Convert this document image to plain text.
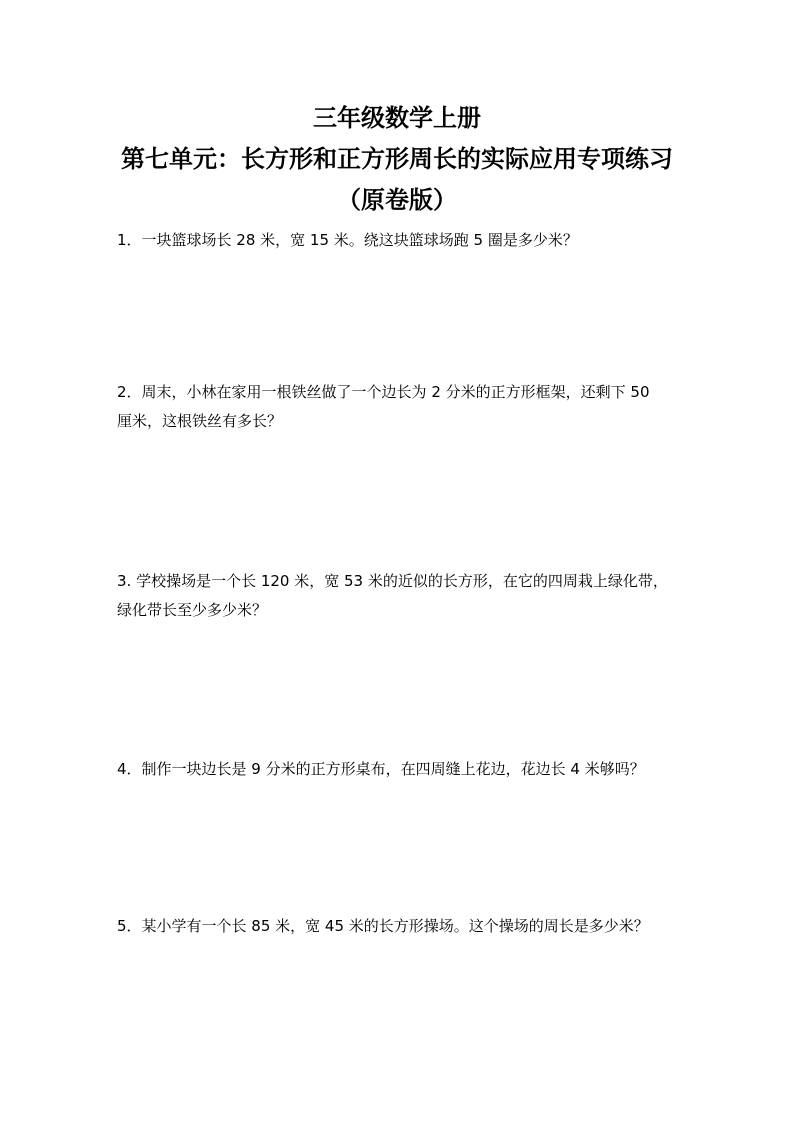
三年级数学上册
第七单元：长方形和正方形周长的实际应用专项练习
（原卷版）
1．一块篮球场长 28 米，宽 15 米。绕这块篮球场跑 5 圈是多少米？
2．周末，小林在家用一根铁丝做了一个边长为 2 分米的正方形框架，还剩下 50
厘米，这根铁丝有多长？
3. 学校操场是一个长 120 米，宽 53 米的近似的长方形，在它的四周栽上绿化带，
绿化带长至少多少米？
4．制作一块边长是 9 分米的正方形桌布，在四周缝上花边，花边长 4 米够吗？
5．某小学有一个长 85 米，宽 45 米的长方形操场。这个操场的周长是多少米？
